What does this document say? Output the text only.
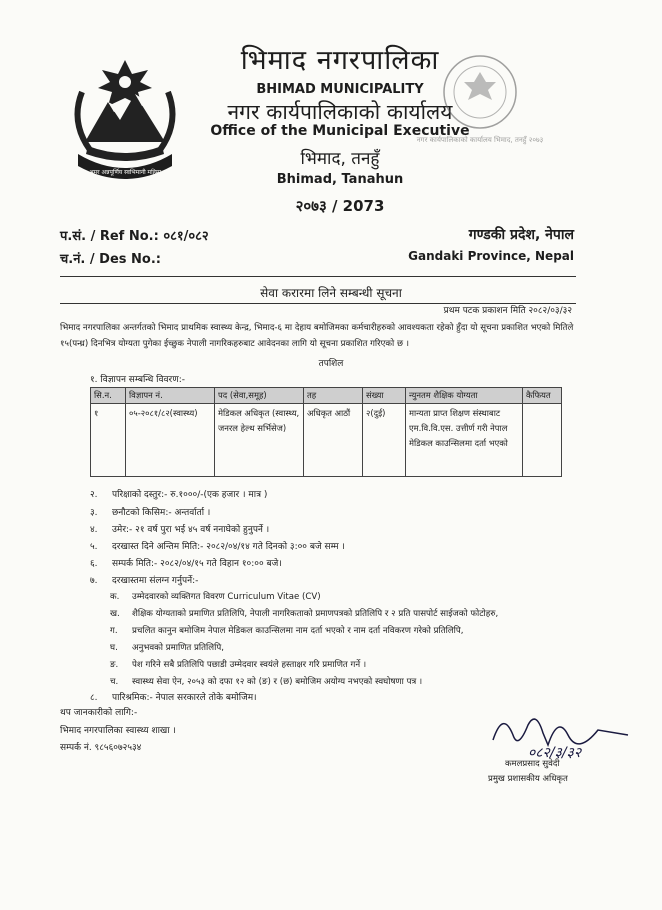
अमर अन्नपूर्णिय स्वभिमानी महिमा
भिमाद नगरपालिका
BHIMAD MUNICIPALITY
नगर कार्यपालिकाको कार्यालय
Office of the Municipal Executive
भिमाद, तनहुँ
Bhimad, Tanahun
२०७३ / 2073
नगर कार्यपालिकाको कार्यालय भिमाद, तनहुँ २०७३
प.सं. / Ref No.: ०८१/०८२
च.नं. / Des No.:
गण्डकी प्रदेश, नेपाल
Gandaki Province, Nepal
सेवा करारमा लिने सम्बन्धी सूचना
प्रथम पटक प्रकाशन मिति २०८२/०३/३२
भिमाद नगरपालिका अन्तर्गतको भिमाद प्राथमिक स्वास्थ्य केन्द्र, भिमाद-६ मा देहाय बमोजिमका कर्मचारीहरुको आवश्यकता रहेको हुँदा यो सूचना प्रकाशित भएको मितिले १५(पन्ध्र) दिनभित्र योग्यता पुगेका ईच्छुक नेपाली नागरिकहरुबाट आवेदनका लागि यो सूचना प्रकाशित गरिएको छ ।
तपशिल
१. विज्ञापन सम्बन्धि विवरण:-
सि.न.	विज्ञापन नं.	पद (सेवा,समूह)	तह	संख्या	न्युनतम शैक्षिक योग्यता	कैफियत
१	०५-२०८१/८२(स्वास्थ्य)	मेडिकल अधिकृत (स्वास्थ्य, जनरल हेल्थ सर्भिसेज)	अधिकृत आठौं	२(दुई)	मान्यता प्राप्त शिक्षण संस्थाबाट एम.वि.वि.एस. उत्तीर्ण गरी नेपाल मेडिकल काउन्सिलमा दर्ता भएको	
२. परिक्षाको दस्तुर:- रु.१०००/-(एक हजार । मात्र )
३. छनौटको किसिम:- अन्तर्वार्ता ।
४. उमेर:- २१ वर्ष पुरा भई ४५ वर्ष ननाघेको हुनुपर्ने ।
५. दरखास्त दिने अन्तिम मिति:- २०८२/०४/१४ गते दिनको ३:०० बजे सम्म ।
६. सम्पर्क मिति:- २०८२/०४/१५ गते विहान १०:०० बजे।
७. दरखास्तमा संलग्न गर्नुपर्ने:-
क. उम्मेदवारको व्यक्तिगत विवरण Curriculum Vitae (CV)
ख. शैक्षिक योग्यताको प्रमाणित प्रतिलिपि, नेपाली नागरिकताको प्रमाणपत्रको प्रतिलिपि र २ प्रति पासपोर्ट साईजको फोटोहरु,
ग. प्रचलित कानुन बमोजिम नेपाल मेडिकल काउन्सिलमा नाम दर्ता भएको र नाम दर्ता नविकरण गरेको प्रतिलिपि,
घ. अनुभवको प्रमाणित प्रतिलिपि,
ङ. पेश गरिने सबै प्रतिलिपि पछाडी उम्मेदवार स्वयंले हस्ताक्षर गरि प्रमाणित गर्ने ।
च. स्वास्थ्य सेवा ऐन, २०५३ को दफा १२ को (ङ) र (छ) बमोजिम अयोग्य नभएको स्वघोषणा पत्र ।
८. पारिश्रमिक:- नेपाल सरकारले तोके बमोजिम।
थप जानकारीको लागि:-
भिमाद नगरपालिका स्वास्थ्य शाखा ।
सम्पर्क नं. ९८५६०७२५३४	०८२/३/३२
कमलप्रसाद सुवेदी
प्रमुख प्रशासकीय अधिकृत
